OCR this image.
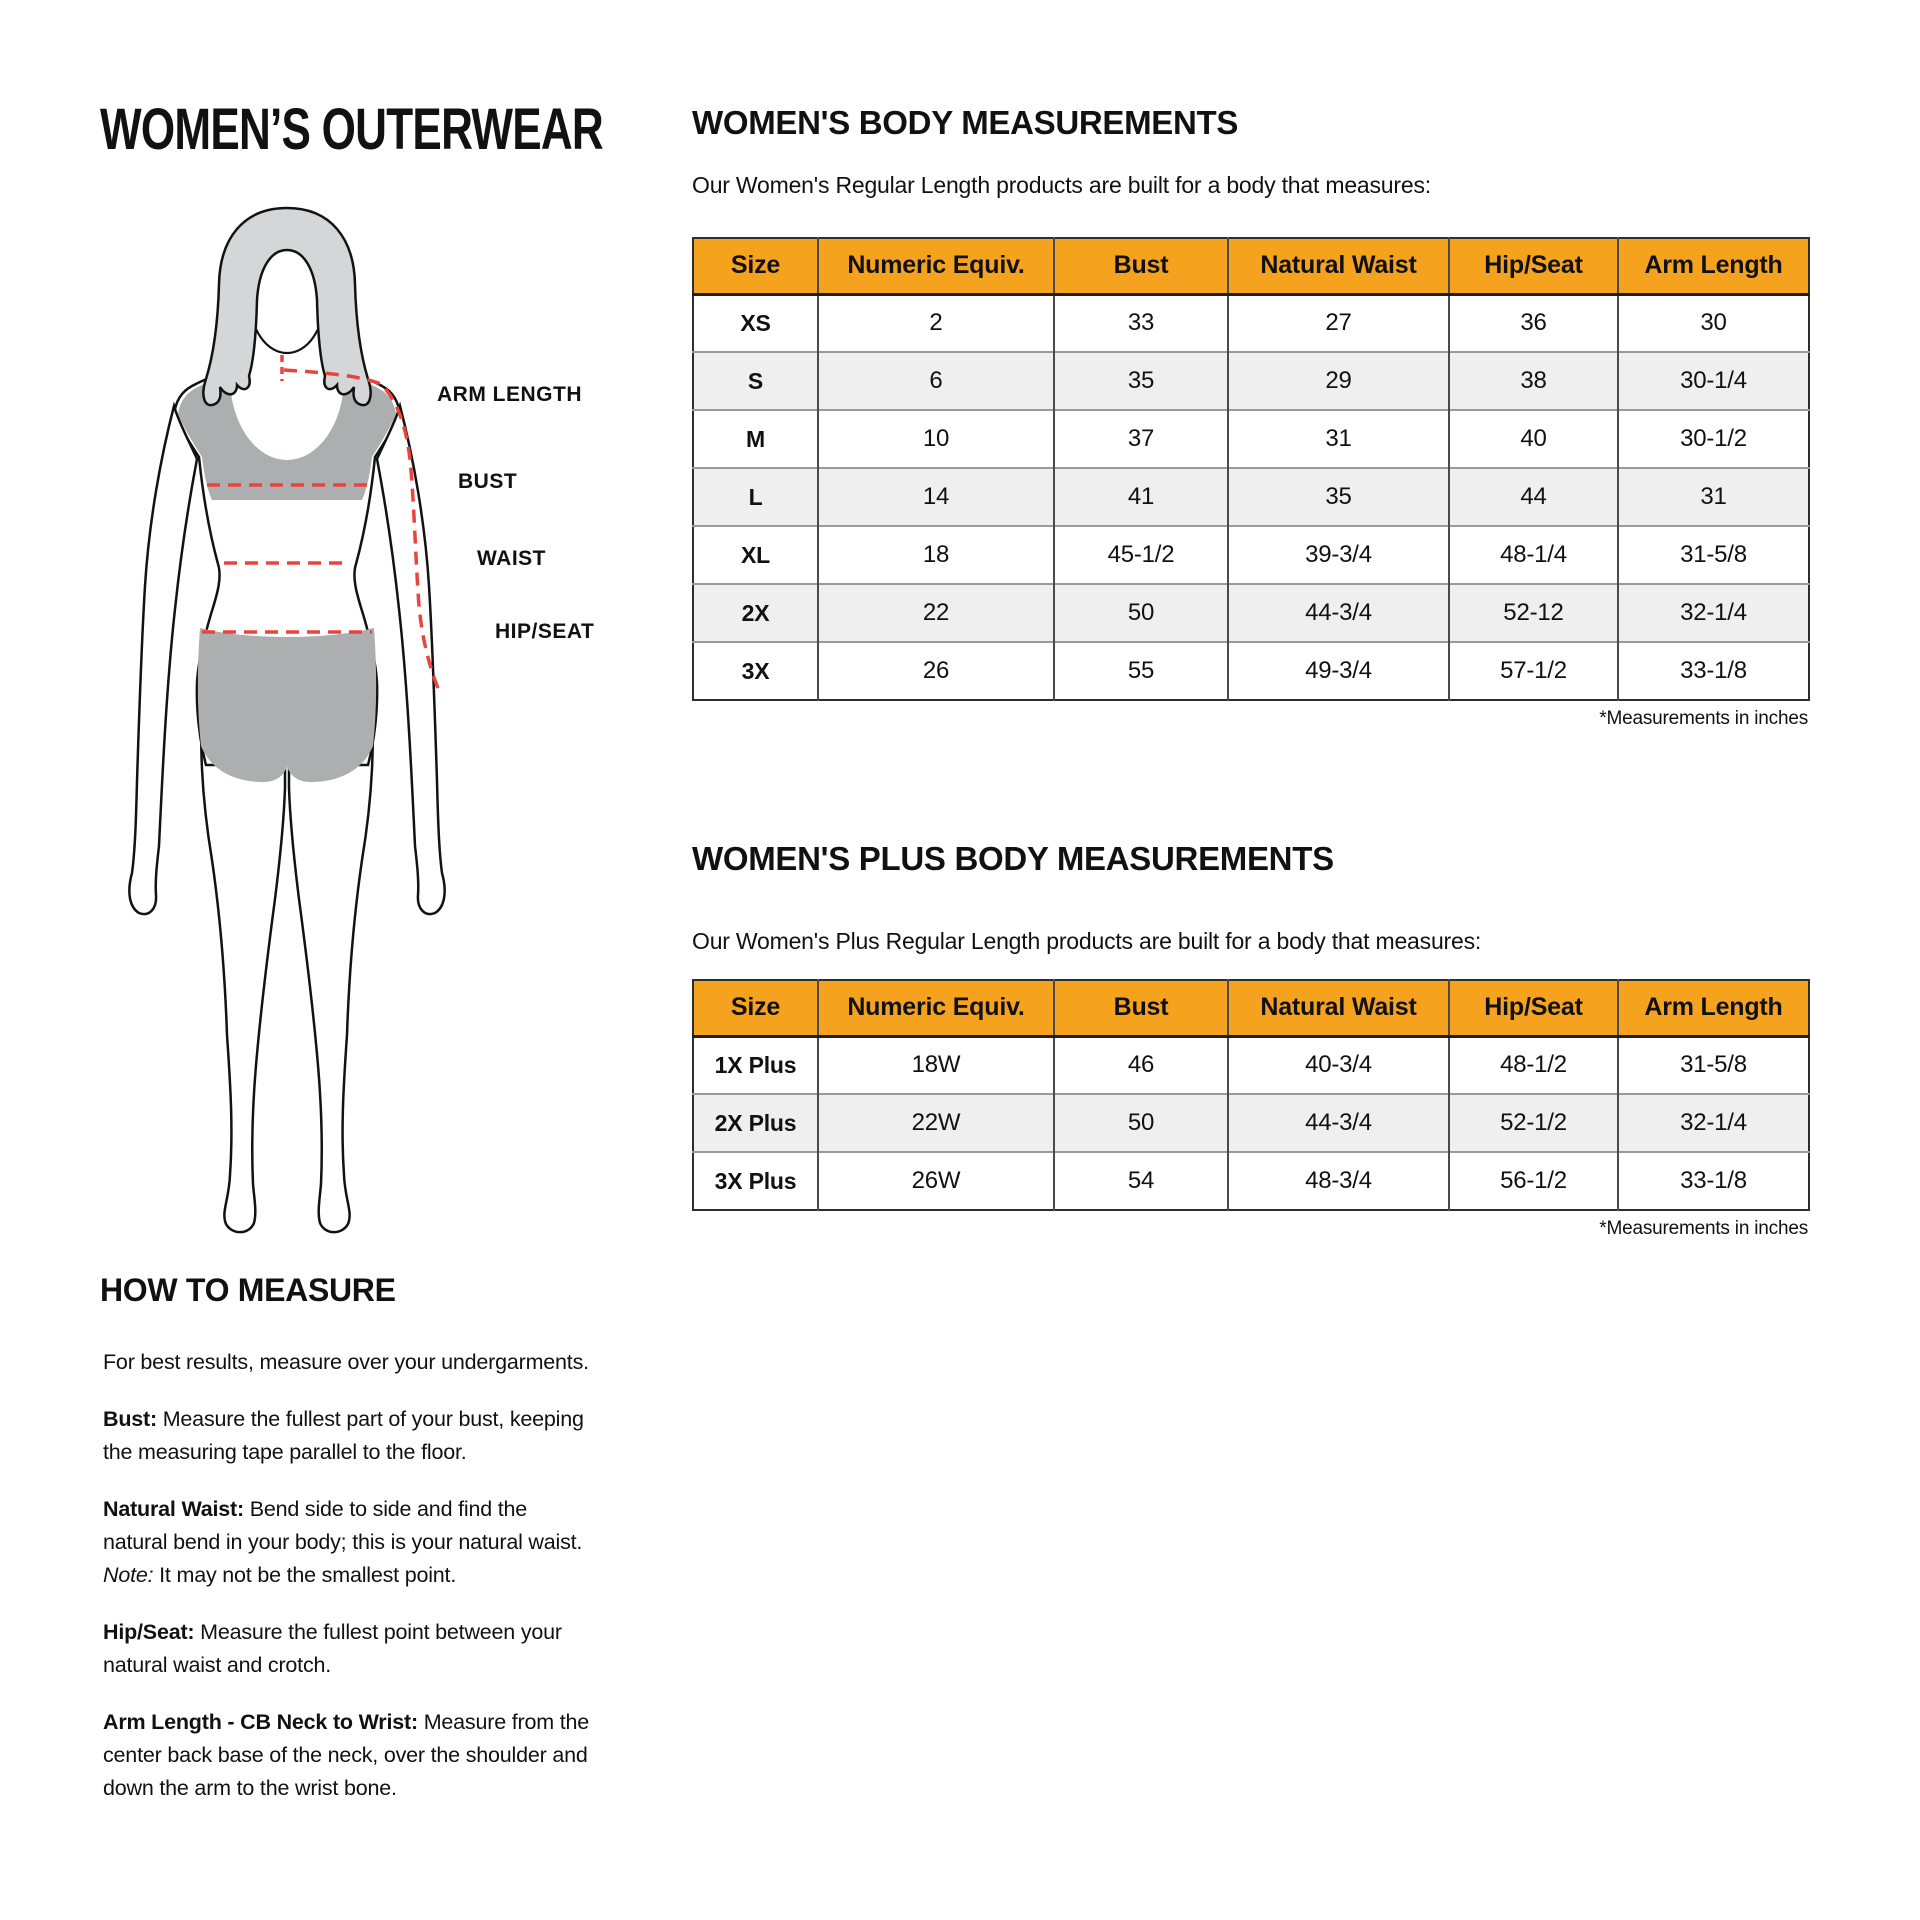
WOMEN’S OUTERWEAR
ARM LENGTH
BUST
WAIST
HIP/SEAT
WOMEN'S BODY MEASUREMENTS
Our Women's Regular Length products are built for a body that measures:
Size	Numeric Equiv.	Bust	Natural Waist	Hip/Seat	Arm Length
XS	2	33	27	36	30
S	6	35	29	38	30-1/4
M	10	37	31	40	30-1/2
L	14	41	35	44	31
XL	18	45-1/2	39-3/4	48-1/4	31-5/8
2X	22	50	44-3/4	52-12	32-1/4
3X	26	55	49-3/4	57-1/2	33-1/8
*Measurements in inches
WOMEN'S PLUS BODY MEASUREMENTS
Our Women's Plus Regular Length products are built for a body that measures:
Size	Numeric Equiv.	Bust	Natural Waist	Hip/Seat	Arm Length
1X Plus	18W	46	40-3/4	48-1/2	31-5/8
2X Plus	22W	50	44-3/4	52-1/2	32-1/4
3X Plus	26W	54	48-3/4	56-1/2	33-1/8
*Measurements in inches
HOW TO MEASURE

For best results, measure over your undergarments.

Bust: Measure the fullest part of your bust, keeping the measuring tape parallel to the floor.

Natural Waist: Bend side to side and find the natural bend in your body; this is your natural waist. Note: It may not be the smallest point.

Hip/Seat: Measure the fullest point between your natural waist and crotch.

Arm Length - CB Neck to Wrist: Measure from the center back base of the neck, over the shoulder and down the arm to the wrist bone.
